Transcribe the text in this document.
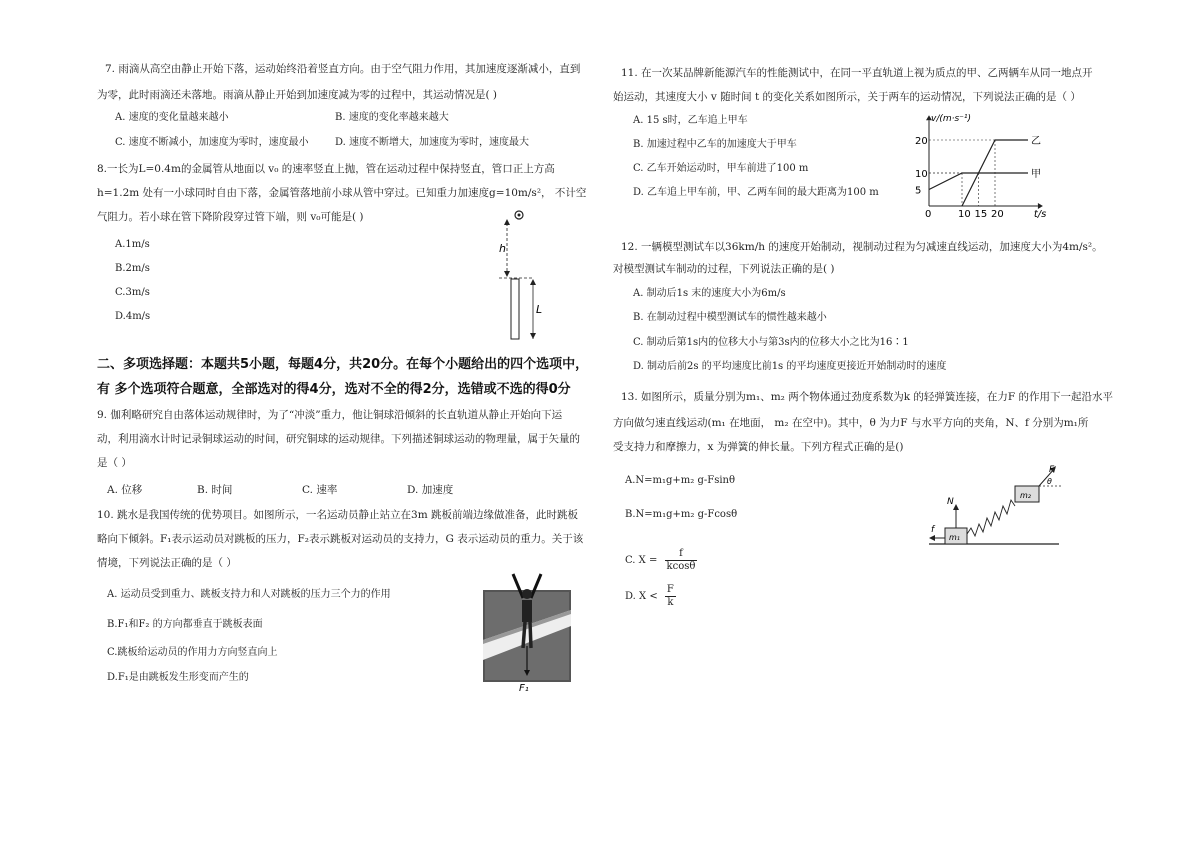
7. 雨滴从高空由静止开始下落，运动始终沿着竖直方向。由于空气阻力作用，其加速度逐渐减小，直到
为零，此时雨滴还未落地。雨滴从静止开始到加速度减为零的过程中，其运动情况是( )
A. 速度的变化量越来越小	B. 速度的变化率越来越大
C. 速度不断减小，加速度为零时，速度最小	D. 速度不断增大，加速度为零时，速度最大
8.一长为L=0.4m的金属管从地面以 v₀ 的速率竖直上抛，管在运动过程中保持竖直，管口正上方高
h=1.2m 处有一小球同时自由下落，金属管落地前小球从管中穿过。已知重力加速度g=10m/s²， 不计空
气阻力。若小球在管下降阶段穿过管下端，则 v₀可能是( )
A.1m/s
B.2m/s
C.3m/s
D.4m/s
h
L
二、多项选择题：本题共5小题，每题4分，共20分。在每个小题给出的四个选项中，
有 多个选项符合题意，全部选对的得4分，选对不全的得2分，选错或不选的得0分
9. 伽利略研究自由落体运动规律时，为了“冲淡”重力，他让铜球沿倾斜的长直轨道从静止开始向下运
动，利用滴水计时记录铜球运动的时间，研究铜球的运动规律。下列描述铜球运动的物理量，属于矢量的
是（ ）
A. 位移	B. 时间	C. 速率	D. 加速度
10. 跳水是我国传统的优势项目。如图所示，一名运动员静止站立在3m 跳板前端边缘做准备，此时跳板
略向下倾斜。F₁表示运动员对跳板的压力，F₂表示跳板对运动员的支持力，G 表示运动员的重力。关于该
情境，下列说法正确的是（ ）
A. 运动员受到重力、跳板支持力和人对跳板的压力三个力的作用
B.F₁和F₂ 的方向都垂直于跳板表面
C.跳板给运动员的作用力方向竖直向上
D.F₁是由跳板发生形变而产生的
F₁
11. 在一次某品牌新能源汽车的性能测试中，在同一平直轨道上视为质点的甲、乙两辆车从同一地点开
始运动，其速度大小 v 随时间 t 的变化关系如图所示，关于两车的运动情况，下列说法正确的是（ ）
A. 15 s时，乙车追上甲车
B. 加速过程中乙车的加速度大于甲车
C. 乙车开始运动时，甲车前进了100 m
D. 乙车追上甲车前，甲、乙两车间的最大距离为100 m
甲
乙
0	10 15 20
5
10
20
v/(m·s⁻¹)
t/s
12. 一辆模型测试车以36km/h 的速度开始制动，视制动过程为匀减速直线运动，加速度大小为4m/s²。
对模型测试车制动的过程，下列说法正确的是( )
A. 制动后1s 末的速度大小为6m/s
B. 在制动过程中模型测试车的惯性越来越小
C. 制动后第1s内的位移大小与第3s内的位移大小之比为16∶1
D. 制动后前2s 的平均速度比前1s 的平均速度更接近开始制动时的速度
13. 如图所示，质量分别为m₁、m₂ 两个物体通过劲度系数为k 的轻弹簧连接，在力F 的作用下一起沿水平
方向做匀速直线运动(m₁ 在地面， m₂ 在空中)。其中，θ 为力F 与水平方向的夹角，N、f 分别为m₁所
受支持力和摩擦力，x 为弹簧的伸长量。下列方程式正确的是()
A.N=m₁g+m₂ g-Fsinθ
B.N=m₁g+m₂ g-Fcosθ
C. $X = \frac{f}{kcos\theta}$
D. $X < \frac{F}{k}$
m₁
N
f
m₂
F
θ
